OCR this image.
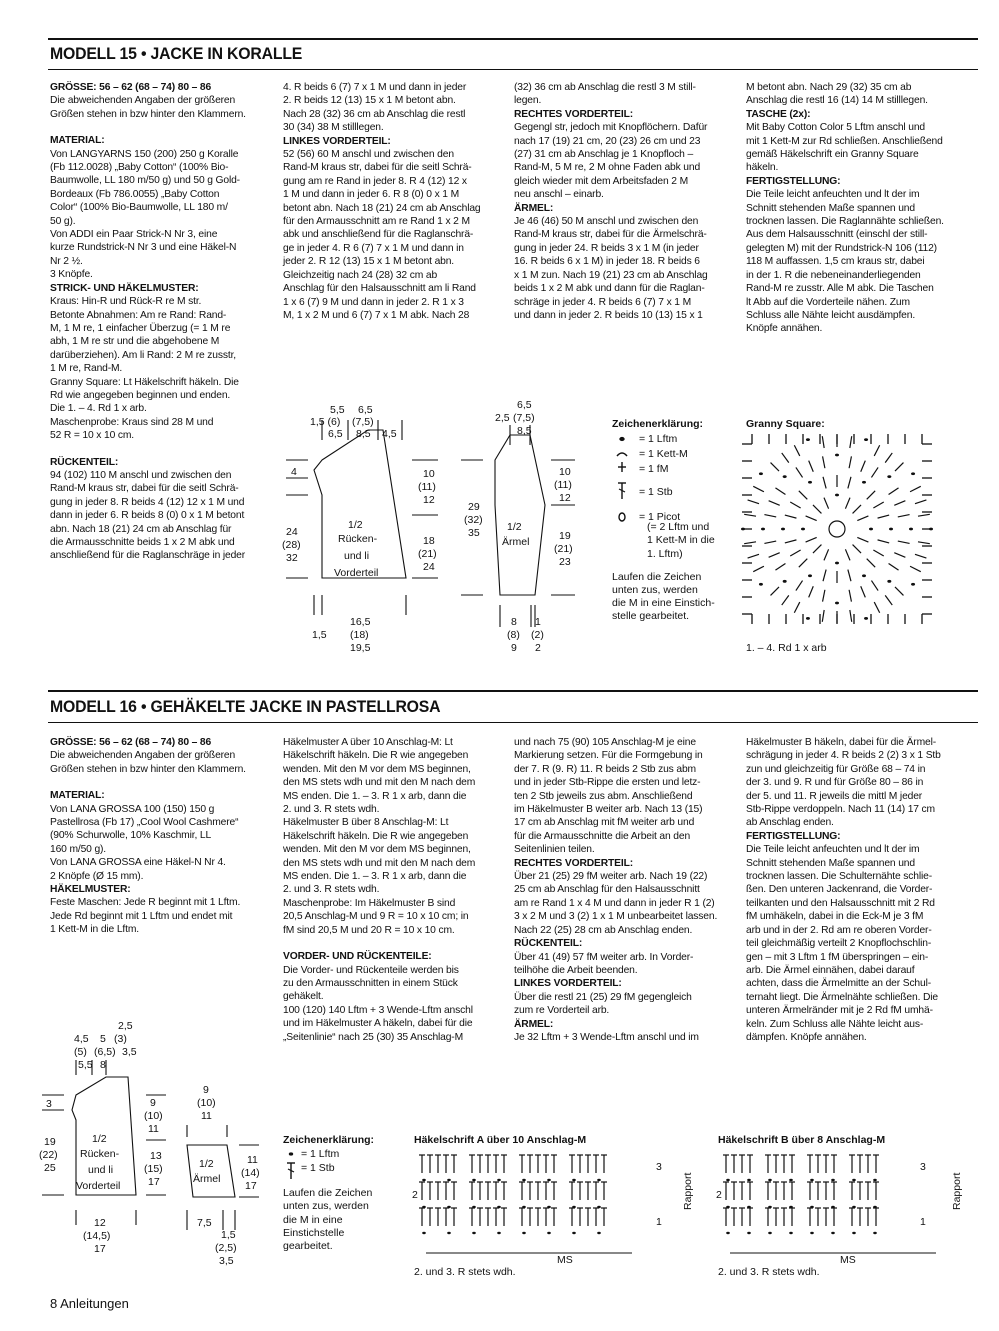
MODELL 15 • JACKE IN KORALLE

GRÖSSE: 56 – 62 (68 – 74) 80 – 86

Die abweichenden Angaben der größeren

Größen stehen in bzw hinter den Klammern.

MATERIAL:

Von LANGYARNS 150 (200) 250 g Koralle

(Fb 112.0028) „Baby Cotton“ (100% Bio-

Baumwolle, LL 180 m/50 g) und 50 g Gold-

Bordeaux (Fb 786.0055) „Baby Cotton

Color“ (100% Bio-Baumwolle, LL 180 m/

50 g).

Von ADDI ein Paar Strick-N Nr 3, eine

kurze Rundstrick-N Nr 3 und eine Häkel-N

Nr 2 ½.

3 Knöpfe.

STRICK- UND HÄKELMUSTER:

Kraus: Hin-R und Rück-R re M str.

Betonte Abnahmen: Am re Rand: Rand-

M, 1 M re, 1 einfacher Überzug (= 1 M re

abh, 1 M re str und die abgehobene M

darüberziehen). Am li Rand: 2 M re zusstr,

1 M re, Rand-M.

Granny Square: Lt Häkelschrift häkeln. Die

Rd wie angegeben beginnen und enden.

Die 1. – 4. Rd 1 x arb.

Maschenprobe: Kraus sind 28 M und

52 R = 10 x 10 cm.

RÜCKENTEIL:

94 (102) 110 M anschl und zwischen den

Rand-M kraus str, dabei für die seitl Schrä-

gung in jeder 8. R beids 4 (12) 12 x 1 M und

dann in jeder 6. R beids 8 (0) 0 x 1 M betont

abn. Nach 18 (21) 24 cm ab Anschlag für

die Armausschnitte beids 1 x 2 M abk und

anschließend für die Raglanschräge in jeder

4. R beids 6 (7) 7 x 1 M und dann in jeder

2. R beids 12 (13) 15 x 1 M betont abn.

Nach 28 (32) 36 cm ab Anschlag die restl

30 (34) 38 M stilllegen.

LINKES VORDERTEIL:

52 (56) 60 M anschl und zwischen den

Rand-M kraus str, dabei für die seitl Schrä-

gung am re Rand in jeder 8. R 4 (12) 12 x

1 M und dann in jeder 6. R 8 (0) 0 x 1 M

betont abn. Nach 18 (21) 24 cm ab Anschlag

für den Armausschnitt am re Rand 1 x 2 M

abk und anschließend für die Raglanschrä-

ge in jeder 4. R 6 (7) 7 x 1 M und dann in

jeder 2. R 12 (13) 15 x 1 M betont abn.

Gleichzeitig nach 24 (28) 32 cm ab

Anschlag für den Halsausschnitt am li Rand

1 x 6 (7) 9 M und dann in jeder 2. R 1 x 3

M, 1 x 2 M und 6 (7) 7 x 1 M abk. Nach 28

(32) 36 cm ab Anschlag die restl 3 M still-

legen.

RECHTES VORDERTEIL:

Gegengl str, jedoch mit Knopflöchern. Dafür

nach 17 (19) 21 cm, 20 (23) 26 cm und 23

(27) 31 cm ab Anschlag je 1 Knopfloch –

Rand-M, 5 M re, 2 M ohne Faden abk und

gleich wieder mit dem Arbeitsfaden 2 M

neu anschl – einarb.

ÄRMEL:

Je 46 (46) 50 M anschl und zwischen den

Rand-M kraus str, dabei für die Ärmelschrä-

gung in jeder 24. R beids 3 x 1 M (in jeder

16. R beids 6 x 1 M) in jeder 18. R beids 6

x 1 M zun. Nach 19 (21) 23 cm ab Anschlag

beids 1 x 2 M abk und dann für die Raglan-

schräge in jeder 4. R beids 6 (7) 7 x 1 M

und dann in jeder 2. R beids 10 (13) 15 x 1

M betont abn. Nach 29 (32) 35 cm ab

Anschlag die restl 16 (14) 14 M stilllegen.

TASCHE (2x):

Mit Baby Cotton Color 5 Lftm anschl und

mit 1 Kett-M zur Rd schließen. Anschließend

gemäß Häkelschrift ein Granny Square

häkeln.

FERTIGSTELLUNG:

Die Teile leicht anfeuchten und lt der im

Schnitt stehenden Maße spannen und

trocknen lassen. Die Raglannähte schließen.

Aus dem Halsausschnitt (einschl der still-

gelegten M) mit der Rundstrick-N 106 (112)

118 M auffassen. 1,5 cm kraus str, dabei

in der 1. R die nebeneinanderliegenden

Rand-M re zusstr. Alle M abk. Die Taschen

lt Abb auf die Vorderteile nähen. Zum

Schluss alle Nähte leicht ausdämpfen.

Knöpfe annähen.

5,5 6,5
1,5 (6) (7,5)
6,5 8,5 4,5
4
24
(28)
32
1/2
Rücken-
und li
Vorderteil
10
(11)
12
18
(21)
24
16,5
(18)
19,5
1,5
6,5
2,5 (7,5)
8,5
29
(32)
35	1/2
Ärmel
10
(11)
12
19
(21)
23
8
(8)
9
1
(2)
2
Zeichenerklärung:
= 1 Lftm
= 1 Kett-M
= 1 fM
= 1 Stb
= 1 Picot
(= 2 Lftm und
1 Kett-M in die
1. Lftm)
Laufen die Zeichen
unten zus, werden
die M in eine Einstich-
stelle gearbeitet.
Granny Square:
1. – 4. Rd 1 x arb
MODELL 16 • GEHÄKELTE JACKE IN PASTELLROSA

GRÖSSE: 56 – 62 (68 – 74) 80 – 86

Die abweichenden Angaben der größeren

Größen stehen in bzw hinter den Klammern.

MATERIAL:

Von LANA GROSSA 100 (150) 150 g

Pastellrosa (Fb 17) „Cool Wool Cashmere“

(90% Schurwolle, 10% Kaschmir, LL

160 m/50 g).

Von LANA GROSSA eine Häkel-N Nr 4.

2 Knöpfe (Ø 15 mm).

HÄKELMUSTER:

Feste Maschen: Jede R beginnt mit 1 Lftm.

Jede Rd beginnt mit 1 Lftm und endet mit

1 Kett-M in die Lftm.

Häkelmuster A über 10 Anschlag-M: Lt

Häkelschrift häkeln. Die R wie angegeben

wenden. Mit den M vor dem MS beginnen,

den MS stets wdh und mit den M nach dem

MS enden. Die 1. – 3. R 1 x arb, dann die

2. und 3. R stets wdh.

Häkelmuster B über 8 Anschlag-M: Lt

Häkelschrift häkeln. Die R wie angegeben

wenden. Mit den M vor dem MS beginnen,

den MS stets wdh und mit den M nach dem

MS enden. Die 1. – 3. R 1 x arb, dann die

2. und 3. R stets wdh.

Maschenprobe: Im Häkelmuster B sind

20,5 Anschlag-M und 9 R = 10 x 10 cm; in

fM sind 20,5 M und 20 R = 10 x 10 cm.

VORDER- UND RÜCKENTEILE:

Die Vorder- und Rückenteile werden bis

zu den Armausschnitten in einem Stück

gehäkelt.

100 (120) 140 Lftm + 3 Wende-Lftm anschl

und im Häkelmuster A häkeln, dabei für die

„Seitenlinie“ nach 25 (30) 35 Anschlag-M

und nach 75 (90) 105 Anschlag-M je eine

Markierung setzen. Für die Formgebung in

der 7. R (9. R) 11. R beids 2 Stb zus abm

und in jeder Stb-Rippe die ersten und letz-

ten 2 Stb jeweils zus abm. Anschließend

im Häkelmuster B weiter arb. Nach 13 (15)

17 cm ab Anschlag mit fM weiter arb und

für die Armausschnitte die Arbeit an den

Seitenlinien teilen.

RECHTES VORDERTEIL:

Über 21 (25) 29 fM weiter arb. Nach 19 (22)

25 cm ab Anschlag für den Halsausschnitt

am re Rand 1 x 4 M und dann in jeder R 1 (2)

3 x 2 M und 3 (2) 1 x 1 M unbearbeitet lassen.

Nach 22 (25) 28 cm ab Anschlag enden.

RÜCKENTEIL:

Über 41 (49) 57 fM weiter arb. In Vorder-

teilhöhe die Arbeit beenden.

LINKES VORDERTEIL:

Über die restl 21 (25) 29 fM gegengleich

zum re Vorderteil arb.

ÄRMEL:

Je 32 Lftm + 3 Wende-Lftm anschl und im

Häkelmuster B häkeln, dabei für die Ärmel-

schrägung in jeder 4. R beids 2 (2) 3 x 1 Stb

zun und gleichzeitig für Größe 68 – 74 in

der 3. und 9. R und für Größe 80 – 86 in

der 5. und 11. R jeweils die mittl M jeder

Stb-Rippe verdoppeln. Nach 11 (14) 17 cm

ab Anschlag enden.

FERTIGSTELLUNG:

Die Teile leicht anfeuchten und lt der im

Schnitt stehenden Maße spannen und

trocknen lassen. Die Schulternähte schlie-

ßen. Den unteren Jackenrand, die Vorder-

teilkanten und den Halsausschnitt mit 2 Rd

fM umhäkeln, dabei in die Eck-M je 3 fM

arb und in der 2. Rd am re oberen Vorder-

teil gleichmäßig verteilt 2 Knopflochschlin-

gen – mit 3 Lftm 1 fM überspringen – ein-

arb. Die Ärmel einnähen, dabei darauf

achten, dass die Ärmelmitte an der Schul-

ternaht liegt. Die Ärmelnähte schließen. Die

unteren Ärmelränder mit je 2 Rd fM umhä-

keln. Zum Schluss alle Nähte leicht aus-

dämpfen. Knöpfe annähen.

2,5
4,5 5 (3)
(5) (6,5) 3,5
5,5 8
3
19
(22)
25
1/2
Rücken-
und li
Vorderteil
9
(10)
11
13
(15)
17
12
(14,5)
17
9
(10)
11
1/2
Ärmel
11
(14)
17
7,5
1,5
(2,5)
3,5
Zeichenerklärung:
= 1 Lftm
= 1 Stb
Laufen die Zeichen
unten zus, werden
die M in eine
Einstichstelle
gearbeitet.
Häkelschrift A über 10 Anschlag-M
3
2
1
Rapport
MS
2. und 3. R stets wdh.
Häkelschrift B über 8 Anschlag-M
3
2
1
Rapport
MS
2. und 3. R stets wdh.
8 Anleitungen
